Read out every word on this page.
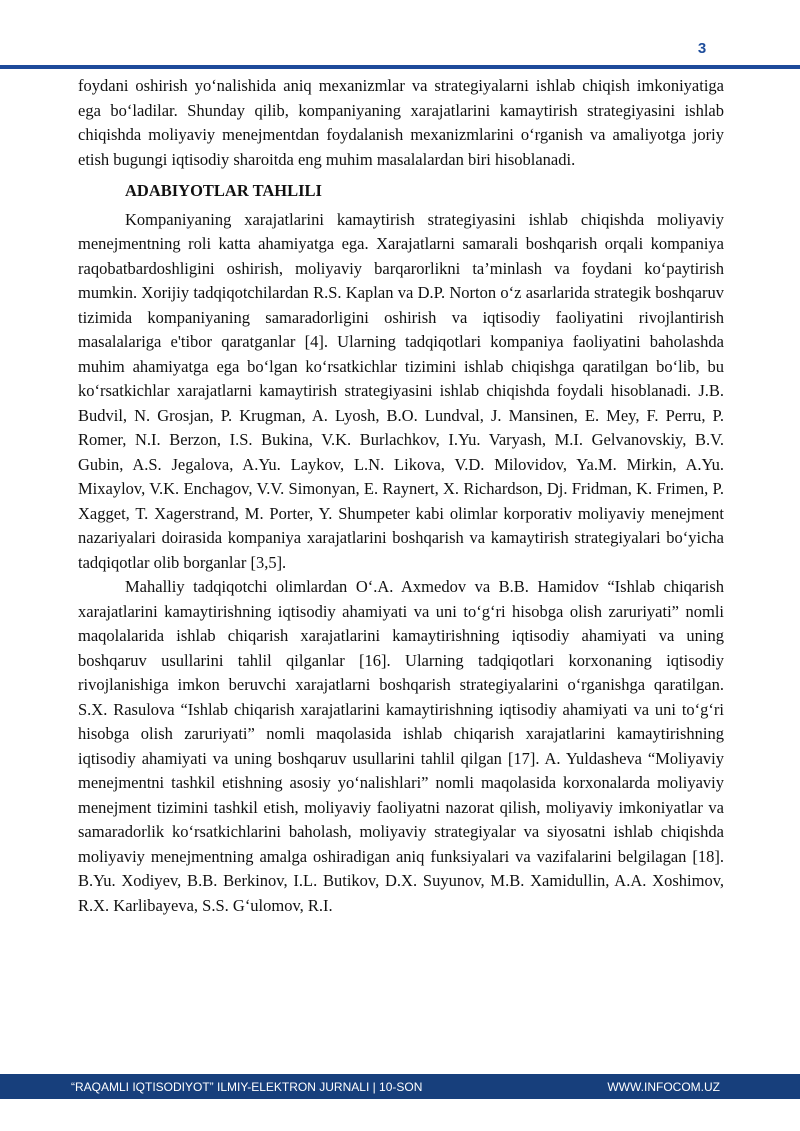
3

foydani oshirish yo‘nalishida aniq mexanizmlar va strategiyalarni ishlab chiqish imkoniyatiga ega bo‘ladilar. Shunday qilib, kompaniyaning xarajatlarini kamaytirish strategiyasini ishlab chiqishda moliyaviy menejmentdan foydalanish mexanizmlarini o‘rganish va amaliyotga joriy etish bugungi iqtisodiy sharoitda eng muhim masalalardan biri hisoblanadi.

ADABIYOTLAR TAHLILI

Kompaniyaning xarajatlarini kamaytirish strategiyasini ishlab chiqishda moliyaviy menejmentning roli katta ahamiyatga ega. Xarajatlarni samarali boshqarish orqali kompaniya raqobatbardoshligini oshirish, moliyaviy barqarorlikni ta’minlash va foydani ko‘paytirish mumkin. Xorijiy tadqiqotchilardan R.S. Kaplan va D.P. Norton o‘z asarlarida strategik boshqaruv tizimida kompaniyaning samaradorligini oshirish va iqtisodiy faoliyatini rivojlantirish masalalariga e'tibor qaratganlar [4]. Ularning tadqiqotlari kompaniya faoliyatini baholashda muhim ahamiyatga ega bo‘lgan ko‘rsatkichlar tizimini ishlab chiqishga qaratilgan bo‘lib, bu ko‘rsatkichlar xarajatlarni kamaytirish strategiyasini ishlab chiqishda foydali hisoblanadi. J.B. Budvil, N. Grosjan, P. Krugman, A. Lyosh, B.O. Lundval, J. Mansinen, E. Mey, F. Perru, P. Romer, N.I. Berzon, I.S. Bukina, V.K. Burlachkov, I.Yu. Varyash, M.I. Gelvanovskiy, B.V. Gubin, A.S. Jegalova, A.Yu. Laykov, L.N. Likova, V.D. Milovidov, Ya.M. Mirkin, A.Yu. Mixaylov, V.K. Enchagov, V.V. Simonyan, E. Raynert, X. Richardson, Dj. Fridman, K. Frimen, P. Xagget, T. Xagerstrand, M. Porter, Y. Shumpeter kabi olimlar korporativ moliyaviy menejment nazariyalari doirasida kompaniya xarajatlarini boshqarish va kamaytirish strategiyalari bo‘yicha tadqiqotlar olib borganlar [3,5].

Mahalliy tadqiqotchi olimlardan O‘.A. Axmedov va B.B. Hamidov “Ishlab chiqarish xarajatlarini kamaytirishning iqtisodiy ahamiyati va uni to‘g‘ri hisobga olish zaruriyati” nomli maqolalarida ishlab chiqarish xarajatlarini kamaytirishning iqtisodiy ahamiyati va uning boshqaruv usullarini tahlil qilganlar [16]. Ularning tadqiqotlari korxonaning iqtisodiy rivojlanishiga imkon beruvchi xarajatlarni boshqarish strategiyalarini o‘rganishga qaratilgan. S.X. Rasulova “Ishlab chiqarish xarajatlarini kamaytirishning iqtisodiy ahamiyati va uni to‘g‘ri hisobga olish zaruriyati” nomli maqolasida ishlab chiqarish xarajatlarini kamaytirishning iqtisodiy ahamiyati va uning boshqaruv usullarini tahlil qilgan [17]. A. Yuldasheva “Moliyaviy menejmentni tashkil etishning asosiy yo‘nalishlari” nomli maqolasida korxonalarda moliyaviy menejment tizimini tashkil etish, moliyaviy faoliyatni nazorat qilish, moliyaviy imkoniyatlar va samaradorlik ko‘rsatkichlarini baholash, moliyaviy strategiyalar va siyosatni ishlab chiqishda moliyaviy menejmentning amalga oshiradigan aniq funksiyalari va vazifalarini belgilagan [18]. B.Yu. Xodiyev, B.B. Berkinov, I.L. Butikov, D.X. Suyunov, M.B. Xamidullin, A.A. Xoshimov, R.X. Karlibayeva, S.S. G‘ulomov, R.I.

“RAQAMLI IQTISODIYOT” ILMIY-ELEKTRON JURNALI | 10-SON	WWW.INFOCOM.UZ
